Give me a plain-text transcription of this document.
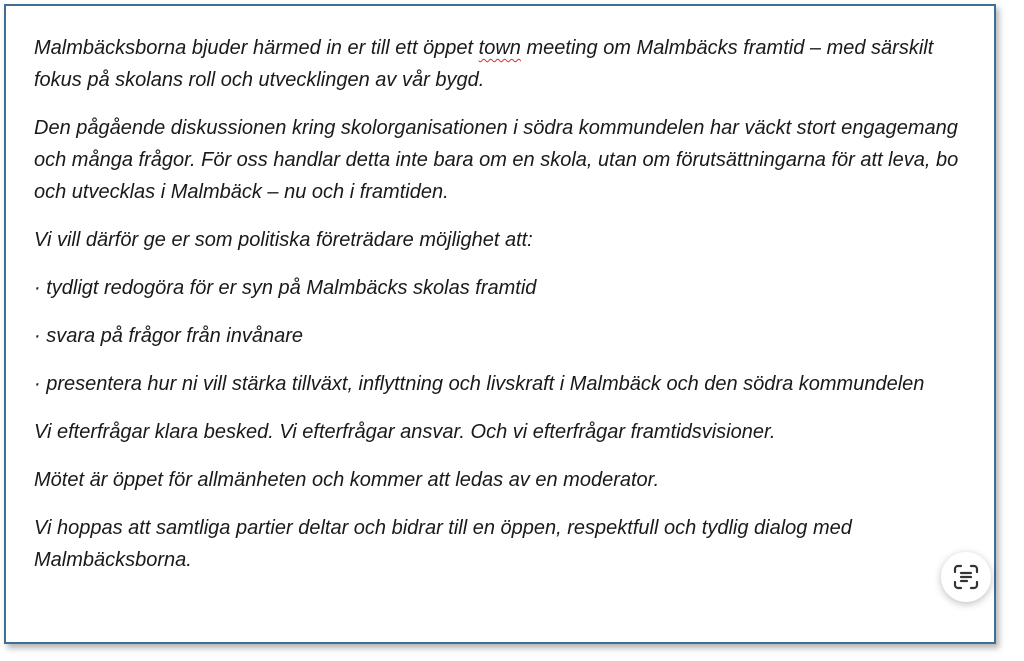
Malmbäcksborna bjuder härmed in er till ett öppet town meeting om Malmbäcks framtid – med särskilt fokus på skolans roll och utvecklingen av vår bygd.

Den pågående diskussionen kring skolorganisationen i södra kommundelen har väckt stort engagemang och många frågor. För oss handlar detta inte bara om en skola, utan om förutsättningarna för att leva, bo och utvecklas i Malmbäck – nu och i framtiden.

Vi vill därför ge er som politiska företrädare möjlighet att:

· tydligt redogöra för er syn på Malmbäcks skolas framtid

· svara på frågor från invånare

· presentera hur ni vill stärka tillväxt, inflyttning och livskraft i Malmbäck och den södra kommundelen

Vi efterfrågar klara besked. Vi efterfrågar ansvar. Och vi efterfrågar framtidsvisioner.

Mötet är öppet för allmänheten och kommer att ledas av en moderator.

Vi hoppas att samtliga partier deltar och bidrar till en öppen, respektfull och tydlig dialog med Malmbäcksborna.
